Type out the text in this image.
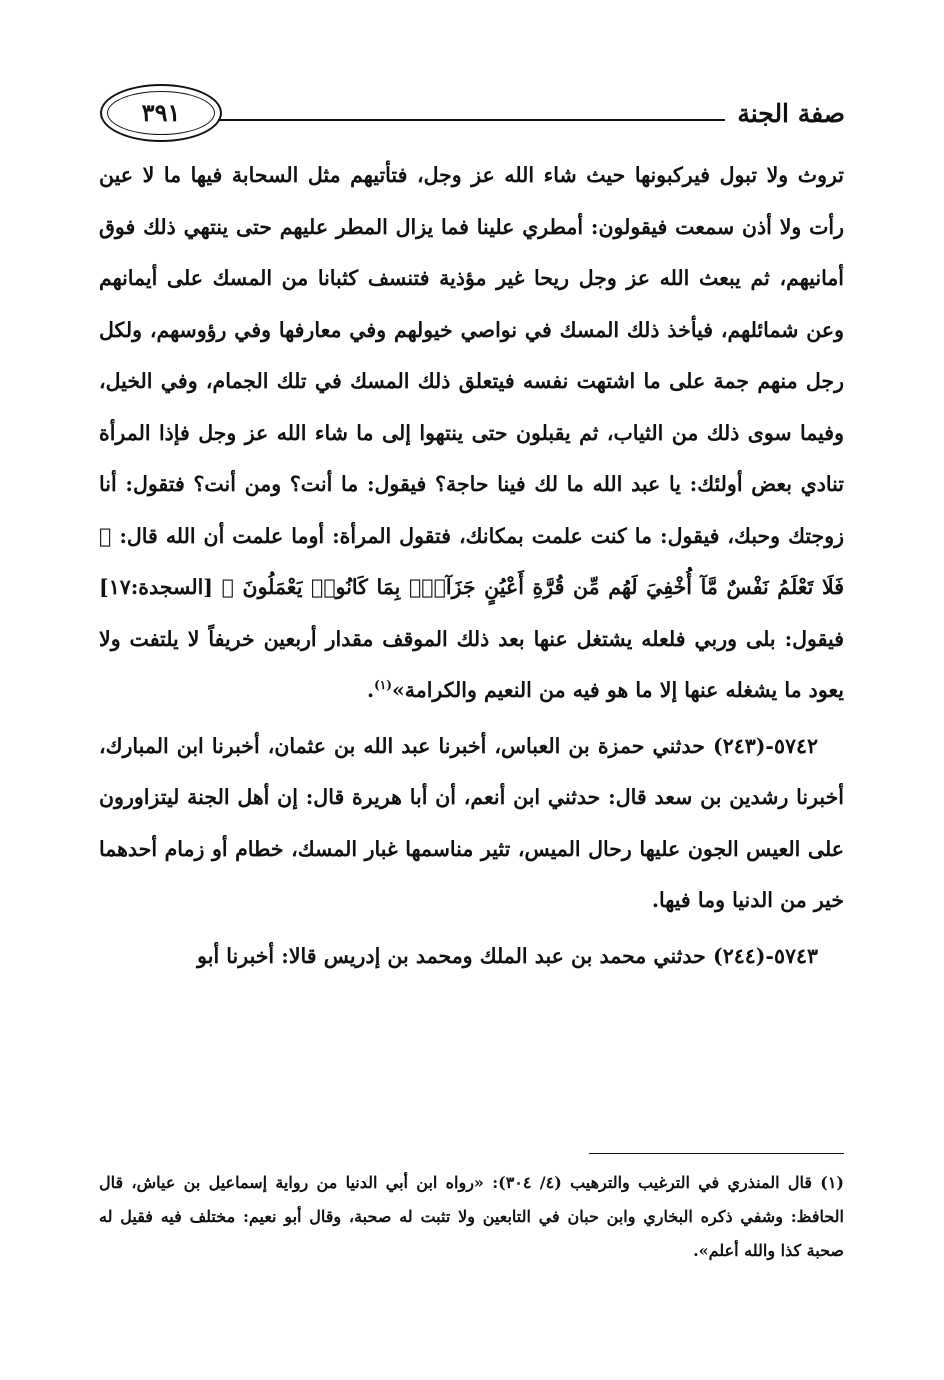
صفة الجنة
٣٩١

تروث ولا تبول فيركبونها حيث شاء الله عز وجل، فتأتيهم مثل السحابة فيها ما لا عين رأت ولا أذن سمعت فيقولون: أمطري علينا فما يزال المطر عليهم حتى ينتهي ذلك فوق أمانيهم، ثم يبعث الله عز وجل ريحا غير مؤذية فتنسف كثبانا من المسك على أيمانهم وعن شمائلهم، فيأخذ ذلك المسك في نواصي خيولهم وفي معارفها وفي رؤوسهم، ولكل رجل منهم جمة على ما اشتهت نفسه فيتعلق ذلك المسك في تلك الجمام، وفي الخيل، وفيما سوى ذلك من الثياب، ثم يقبلون حتى ينتهوا إلى ما شاء الله عز وجل فإذا المرأة تنادي بعض أولئك: يا عبد الله ما لك فينا حاجة؟ فيقول: ما أنت؟ ومن أنت؟ فتقول: أنا زوجتك وحبك، فيقول: ما كنت علمت بمكانك، فتقول المرأة: أوما علمت أن الله قال: ﴿ فَلَا تَعْلَمُ نَفْسٌ مَّآ أُخْفِيَ لَهُم مِّن قُرَّةِ أَعْيُنٍ جَزَآءًۢ بِمَا كَانُوا۟ يَعْمَلُونَ ﴾ [السجدة:١٧] فيقول: بلى وربي فلعله يشتغل عنها بعد ذلك الموقف مقدار أربعين خريفاً لا يلتفت ولا يعود ما يشغله عنها إلا ما هو فيه من النعيم والكرامة»$^{(١)}$.

٥٧٤٢-(٢٤٣) حدثني حمزة بن العباس، أخبرنا عبد الله بن عثمان، أخبرنا ابن المبارك، أخبرنا رشدين بن سعد قال: حدثني ابن أنعم، أن أبا هريرة قال: إن أهل الجنة ليتزاورون على العيس الجون عليها رحال الميس، تثير مناسمها غبار المسك، خطام أو زمام أحدهما خير من الدنيا وما فيها.

٥٧٤٣-(٢٤٤) حدثني محمد بن عبد الملك ومحمد بن إدريس قالا: أخبرنا أبو

(١) قال المنذري في الترغيب والترهيب (٤/ ٣٠٤): «رواه ابن أبي الدنيا من رواية إسماعيل بن عياش، قال الحافظ: وشفي ذكره البخاري وابن حبان في التابعين ولا تثبت له صحبة، وقال أبو نعيم: مختلف فيه فقيل له صحبة كذا والله أعلم».
